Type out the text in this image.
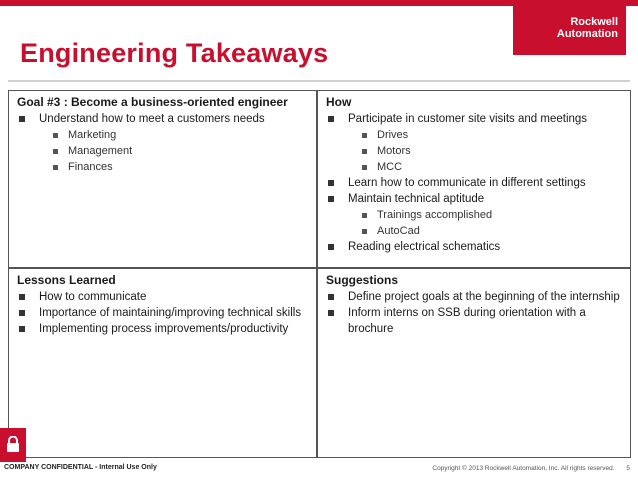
Rockwell
Automation
Engineering Takeaways
Goal #3 : Become a business-oriented engineer
Understand how to meet a customers needs
Marketing
Management
Finances
How
Participate in customer site visits and meetings
Drives
Motors
MCC
Learn how to communicate in different settings
Maintain technical aptitude
Trainings accomplished
AutoCad
Reading electrical schematics
Lessons Learned
How to communicate
Importance of maintaining/improving technical skills
Implementing process improvements/productivity
Suggestions
Define project goals at the beginning of the internship
Inform interns on SSB during orientation with a brochure
COMPANY CONFIDENTIAL - Internal Use Only	Copyright © 2013 Rockwell Automation, Inc. All rights reserved. 5
